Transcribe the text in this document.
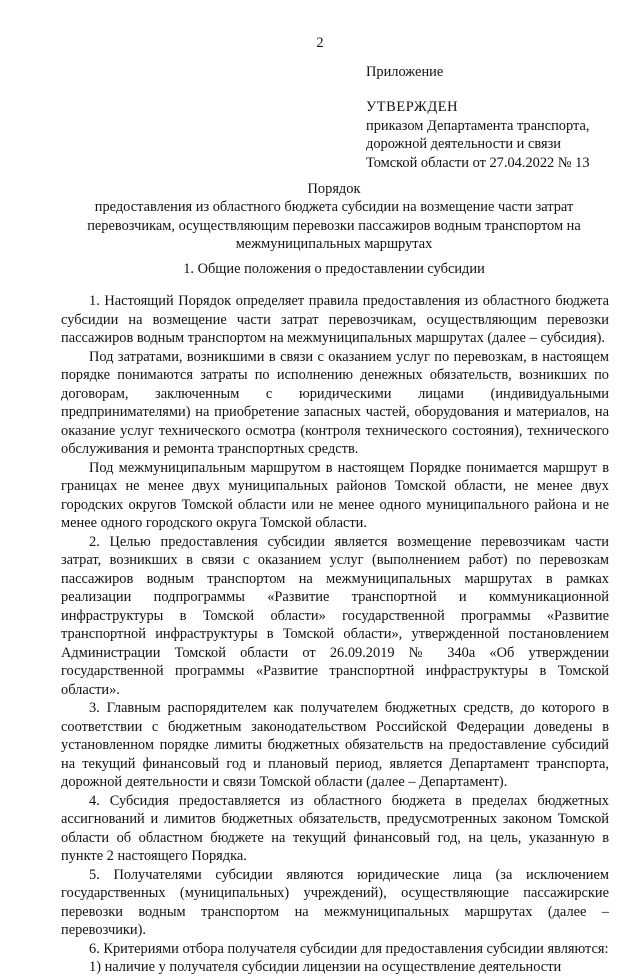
2

Приложение

УТВЕРЖДЕН
приказом Департамента транспорта,
дорожной деятельности и связи
Томской области от 27.04.2022 № 13

Порядок

предоставления из областного бюджета субсидии на возмещение части затрат
перевозчикам, осуществляющим перевозки пассажиров водным транспортом на
межмуниципальных маршрутах

1. Общие положения о предоставлении субсидии

1. Настоящий Порядок определяет правила предоставления из областного бюджета субсидии на возмещение части затрат перевозчикам, осуществляющим перевозки пассажиров водным транспортом на межмуниципальных маршрутах (далее – субсидия).

Под затратами, возникшими в связи с оказанием услуг по перевозкам, в настоящем порядке понимаются затраты по исполнению денежных обязательств, возникших по договорам, заключенным с юридическими лицами (индивидуальными предпринимателями) на приобретение запасных частей, оборудования и материалов, на оказание услуг технического осмотра (контроля технического состояния), технического обслуживания и ремонта транспортных средств.

Под межмуниципальным маршрутом в настоящем Порядке понимается маршрут в границах не менее двух муниципальных районов Томской области, не менее двух городских округов Томской области или не менее одного муниципального района и не менее одного городского округа Томской области.

2. Целью предоставления субсидии является возмещение перевозчикам части затрат, возникших в связи с оказанием услуг (выполнением работ) по перевозкам пассажиров водным транспортом на межмуниципальных маршрутах в рамках реализации подпрограммы «Развитие транспортной и коммуникационной инфраструктуры в Томской области» государственной программы «Развитие транспортной инфраструктуры в Томской области», утвержденной постановлением Администрации Томской области от 26.09.2019 № 340а «Об утверждении государственной программы «Развитие транспортной инфраструктуры в Томской области».

3. Главным распорядителем как получателем бюджетных средств, до которого в соответствии с бюджетным законодательством Российской Федерации доведены в установленном порядке лимиты бюджетных обязательств на предоставление субсидий на текущий финансовый год и плановый период, является Департамент транспорта, дорожной деятельности и связи Томской области (далее – Департамент).

4. Субсидия предоставляется из областного бюджета в пределах бюджетных ассигнований и лимитов бюджетных обязательств, предусмотренных законом Томской области об областном бюджете на текущий финансовый год, на цель, указанную в пункте 2 настоящего Порядка.

5. Получателями субсидии являются юридические лица (за исключением государственных (муниципальных) учреждений), осуществляющие пассажирские перевозки водным транспортом на межмуниципальных маршрутах (далее – перевозчики).

6. Критериями отбора получателя субсидии для предоставления субсидии являются:

1) наличие у получателя субсидии лицензии на осуществление деятельности
